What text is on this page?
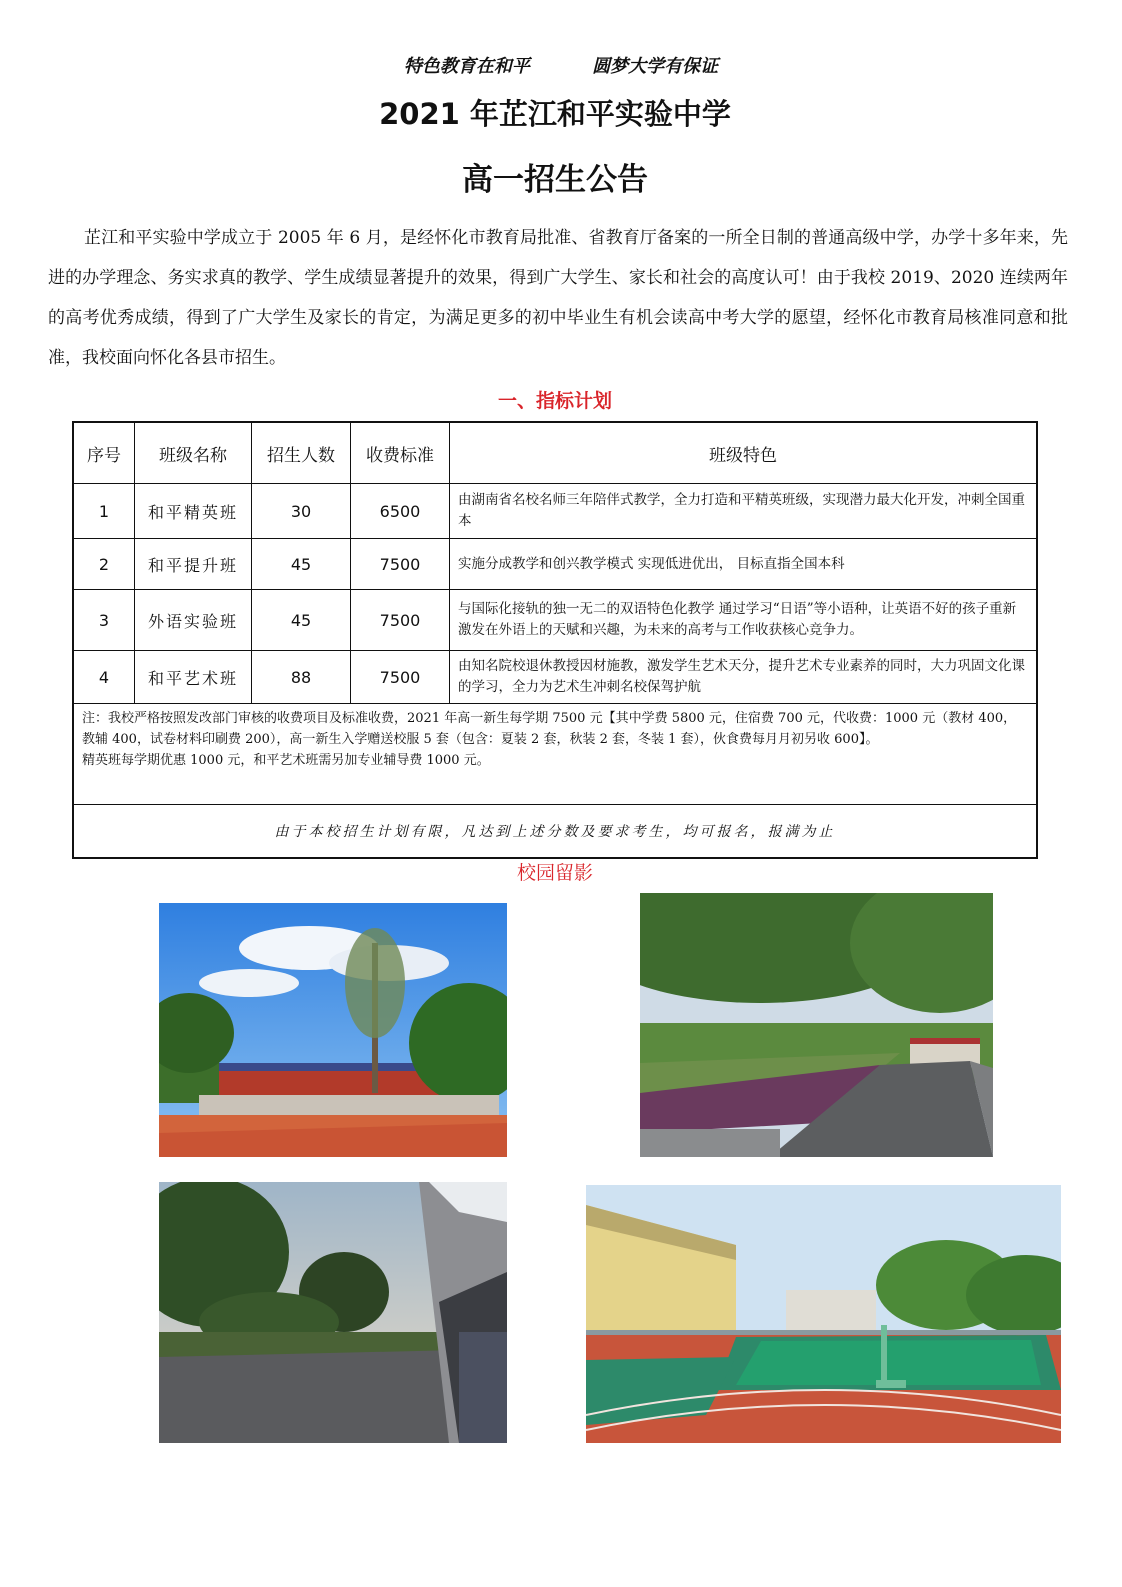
特色教育在和平	圆梦大学有保证
2021 年芷江和平实验中学
高一招生公告
芷江和平实验中学成立于 2005 年 6 月，是经怀化市教育局批准、省教育厅备案的一所全日制的普通高级中学，办学十多年来，先进的办学理念、务实求真的教学、学生成绩显著提升的效果，得到广大学生、家长和社会的高度认可！由于我校 2019、2020 连续两年的高考优秀成绩，得到了广大学生及家长的肯定，为满足更多的初中毕业生有机会读高中考大学的愿望，经怀化市教育局核准同意和批准，我校面向怀化各县市招生。
一、指标计划
序号	班级名称	招生人数	收费标准	班级特色
1	和平精英班	30	6500	由湖南省名校名师三年陪伴式教学，全力打造和平精英班级，实现潜力最大化开发，冲刺全国重本
2	和平提升班	45	7500	实施分成教学和创兴教学模式 实现低进优出， 目标直指全国本科
3	外语实验班	45	7500	与国际化接轨的独一无二的双语特色化教学 通过学习“日语”等小语种，让英语不好的孩子重新激发在外语上的天赋和兴趣，为未来的高考与工作收获核心竞争力。
4	和平艺术班	88	7500	由知名院校退休教授因材施教，激发学生艺术天分，提升艺术专业素养的同时，大力巩固文化课的学习，全力为艺术生冲刺名校保驾护航

注：我校严格按照发改部门审核的收费项目及标准收费，2021 年高一新生每学期 7500 元【其中学费 5800 元，住宿费 700 元，代收费：1000 元（教材 400，教辅 400，试卷材料印刷费 200），高一新生入学赠送校服 5 套（包含：夏装 2 套，秋装 2 套，冬装 1 套），伙食费每月月初另收 600】。
精英班每学期优惠 1000 元，和平艺术班需另加专业辅导费 1000 元。				

由于本校招生计划有限，凡达到上述分数及要求考生，均可报名，报满为止				
校园留影
